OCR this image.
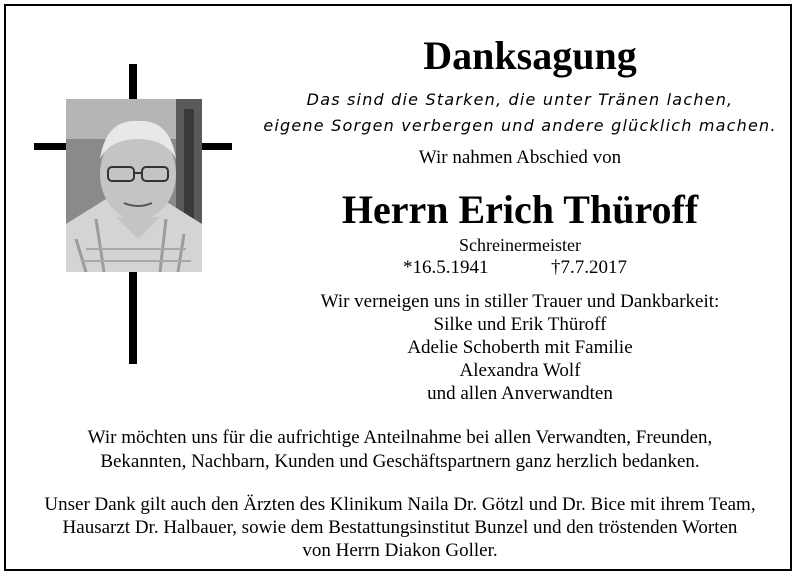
Danksagung
Das sind die Starken, die unter Tränen lachen,
eigene Sorgen verbergen und andere glücklich machen.
Wir nahmen Abschied von
Herrn Erich Thüroff
Schreinermeister
*16.5.1941	†7.7.2017
Wir verneigen uns in stiller Trauer und Dankbarkeit:
Silke und Erik Thüroff
Adelie Schoberth mit Familie
Alexandra Wolf
und allen Anverwandten
Wir möchten uns für die aufrichtige Anteilnahme bei allen Verwandten, Freunden,
Bekannten, Nachbarn, Kunden und Geschäftspartnern ganz herzlich bedanken.
Unser Dank gilt auch den Ärzten des Klinikum Naila Dr. Götzl und Dr. Bice mit ihrem Team,
Hausarzt Dr. Halbauer, sowie dem Bestattungsinstitut Bunzel und den tröstenden Worten
von Herrn Diakon Goller.
